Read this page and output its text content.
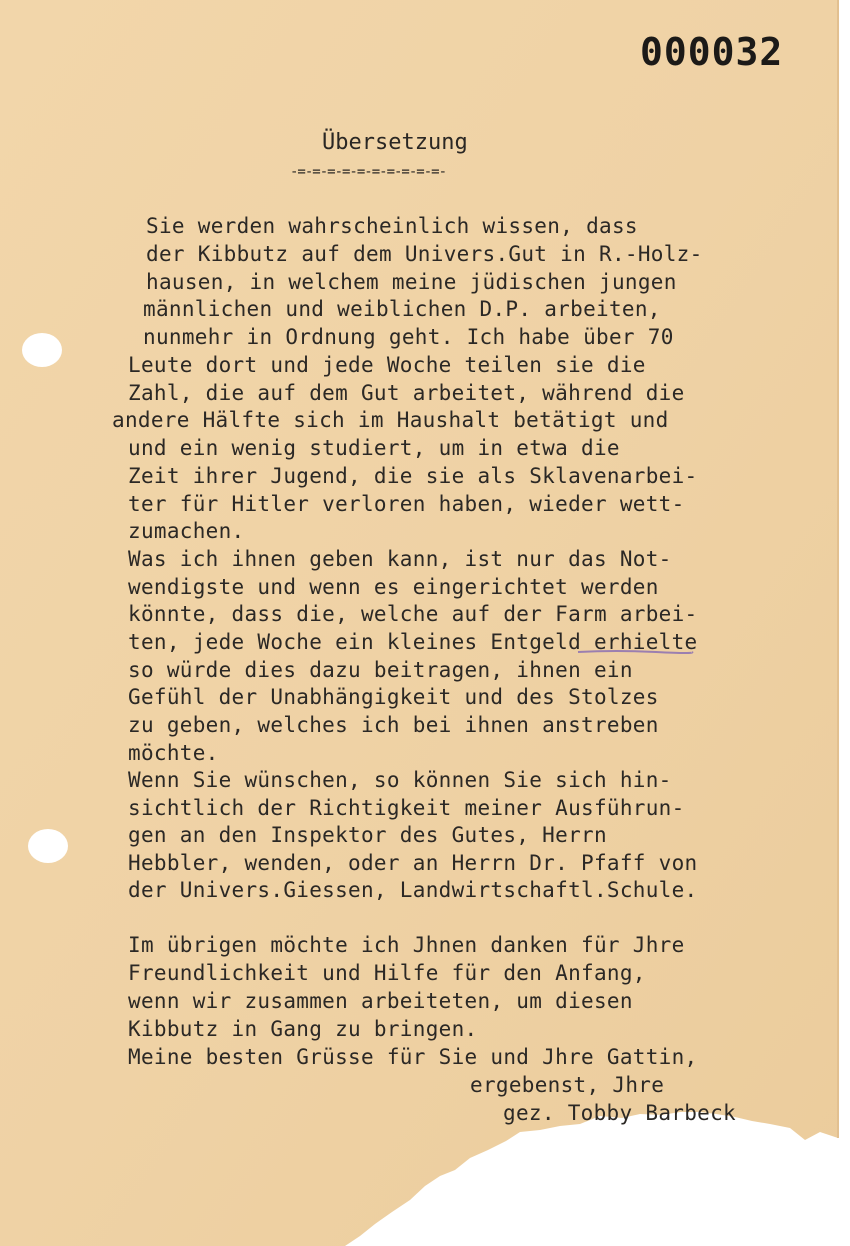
000032
Übersetzung
-=-=-=-=-=-=-=-=-=-=-
Sie werden wahrscheinlich wissen, dass
der Kibbutz auf dem Univers.Gut in R.-Holz-
hausen, in welchem meine jüdischen jungen
männlichen und weiblichen D.P. arbeiten,
nunmehr in Ordnung geht. Ich habe über 70
Leute dort und jede Woche teilen sie die
Zahl, die auf dem Gut arbeitet, während die
andere Hälfte sich im Haushalt betätigt und
und ein wenig studiert, um in etwa die
Zeit ihrer Jugend, die sie als Sklavenarbei-
ter für Hitler verloren haben, wieder wett-
zumachen.
Was ich ihnen geben kann, ist nur das Not-
wendigste und wenn es eingerichtet werden
könnte, dass die, welche auf der Farm arbei-
ten, jede Woche ein kleines Entgeld erhielte
so würde dies dazu beitragen, ihnen ein
Gefühl der Unabhängigkeit und des Stolzes
zu geben, welches ich bei ihnen anstreben
möchte.
Wenn Sie wünschen, so können Sie sich hin-
sichtlich der Richtigkeit meiner Ausführun-
gen an den Inspektor des Gutes, Herrn
Hebbler, wenden, oder an Herrn Dr. Pfaff von
der Univers.Giessen, Landwirtschaftl.Schule.
Im übrigen möchte ich Jhnen danken für Jhre
Freundlichkeit und Hilfe für den Anfang,
wenn wir zusammen arbeiteten, um diesen
Kibbutz in Gang zu bringen.
Meine besten Grüsse für Sie und Jhre Gattin,
ergebenst, Jhre
gez. Tobby Barbeck
